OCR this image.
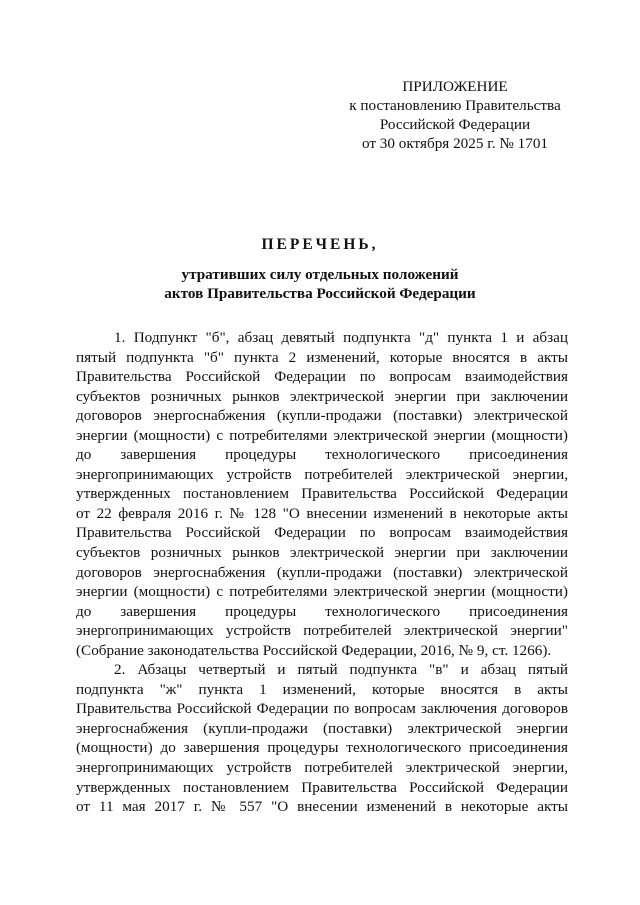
ПРИЛОЖЕНИЕ
к постановлению Правительства
Российской Федерации
от 30 октября 2025 г. № 1701
ПЕРЕЧЕНЬ,
утративших силу отдельных положений
актов Правительства Российской Федерации
1. Подпункт "б", абзац девятый подпункта "д" пункта 1 и абзац
пятый подпункта "б" пункта 2 изменений, которые вносятся в акты
Правительства Российской Федерации по вопросам взаимодействия
субъектов розничных рынков электрической энергии при заключении
договоров энергоснабжения (купли-продажи (поставки) электрической
энергии (мощности) с потребителями электрической энергии (мощности)
до завершения процедуры технологического присоединения
энергопринимающих устройств потребителей электрической энергии,
утвержденных постановлением Правительства Российской Федерации
от 22 февраля 2016 г. № 128 "О внесении изменений в некоторые акты
Правительства Российской Федерации по вопросам взаимодействия
субъектов розничных рынков электрической энергии при заключении
договоров энергоснабжения (купли-продажи (поставки) электрической
энергии (мощности) с потребителями электрической энергии (мощности)
до завершения процедуры технологического присоединения
энергопринимающих устройств потребителей электрической энергии"
(Собрание законодательства Российской Федерации, 2016, № 9, ст. 1266).
2. Абзацы четвертый и пятый подпункта "в" и абзац пятый
подпункта "ж" пункта 1 изменений, которые вносятся в акты
Правительства Российской Федерации по вопросам заключения договоров
энергоснабжения (купли-продажи (поставки) электрической энергии
(мощности) до завершения процедуры технологического присоединения
энергопринимающих устройств потребителей электрической энергии,
утвержденных постановлением Правительства Российской Федерации
от 11 мая 2017 г. № 557 "О внесении изменений в некоторые акты
